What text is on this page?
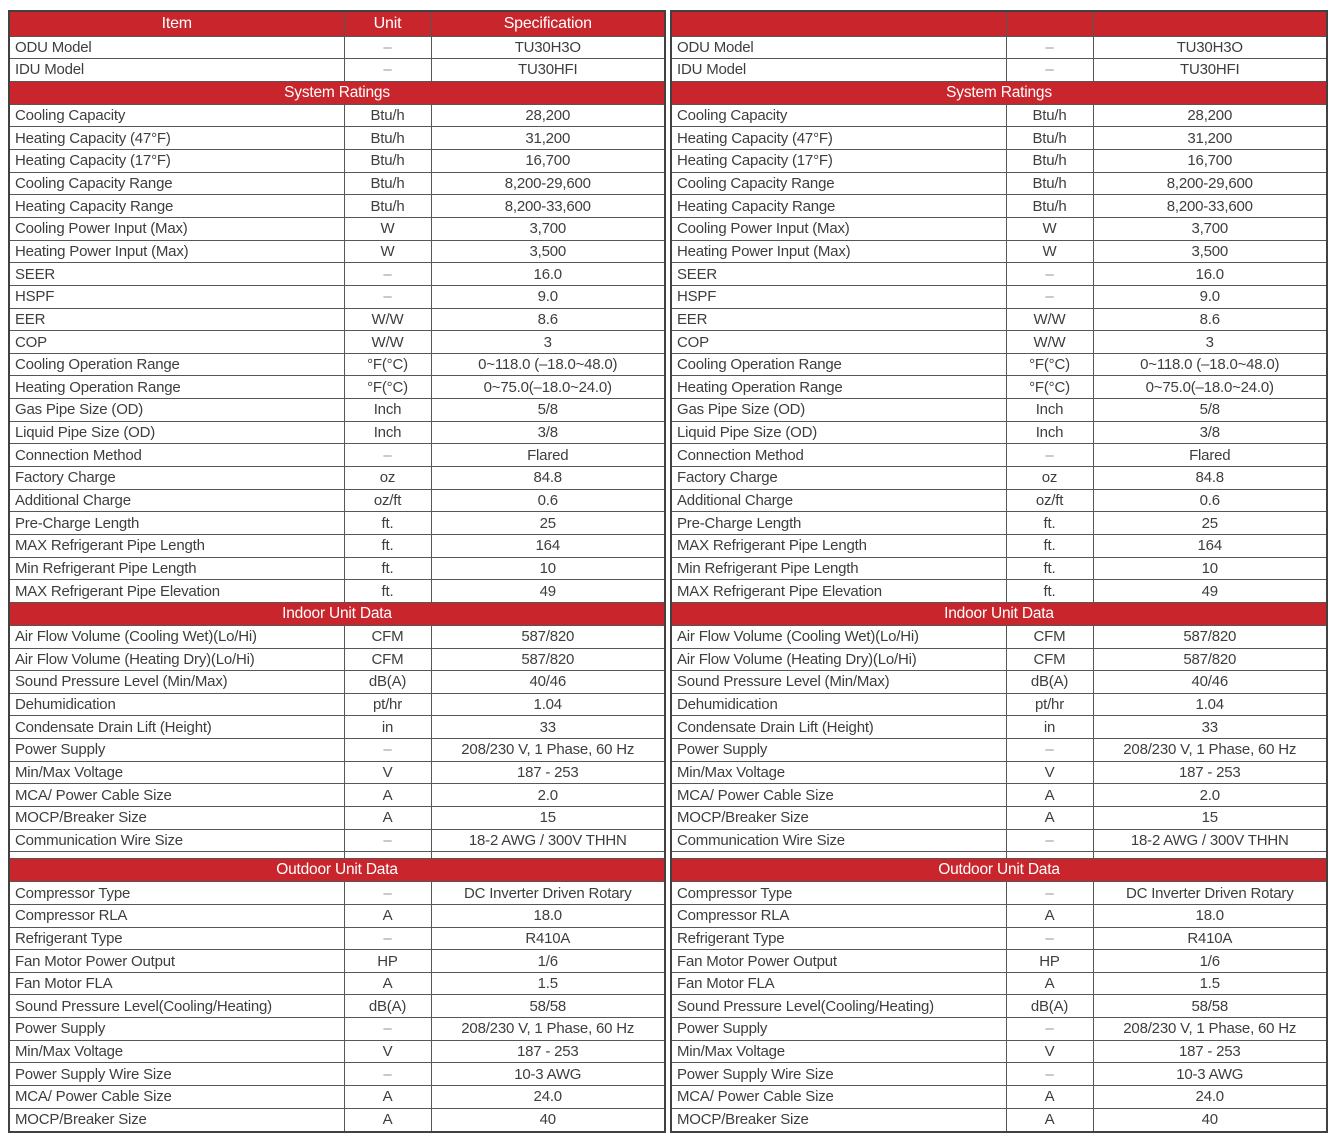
Item	Unit	Specification
ODU Model	–	TU30H3O
IDU Model	–	TU30HFI
System Ratings		
Cooling Capacity	Btu/h	28,200
Heating Capacity (47°F)	Btu/h	31,200
Heating Capacity (17°F)	Btu/h	16,700
Cooling Capacity Range	Btu/h	8,200-29,600
Heating Capacity Range	Btu/h	8,200-33,600
Cooling Power Input (Max)	W	3,700
Heating Power Input (Max)	W	3,500
SEER	–	16.0
HSPF	–	9.0
EER	W/W	8.6
COP	W/W	3
Cooling Operation Range	°F(°C)	0~118.0 (–18.0~48.0)
Heating Operation Range	°F(°C)	0~75.0(–18.0~24.0)
Gas Pipe Size (OD)	Inch	5/8
Liquid Pipe Size (OD)	Inch	3/8
Connection Method	–	Flared
Factory Charge	oz	84.8
Additional Charge	oz/ft	0.6
Pre-Charge Length	ft.	25
MAX Refrigerant Pipe Length	ft.	164
Min Refrigerant Pipe Length	ft.	10
MAX Refrigerant Pipe Elevation	ft.	49
Indoor Unit Data		
Air Flow Volume (Cooling Wet)(Lo/Hi)	CFM	587/820
Air Flow Volume (Heating Dry)(Lo/Hi)	CFM	587/820
Sound Pressure Level (Min/Max)	dB(A)	40/46
Dehumidication	pt/hr	1.04
Condensate Drain Lift (Height)	in	33
Power Supply	–	208/230 V, 1 Phase, 60 Hz
Min/Max Voltage	V	187 - 253
MCA/ Power Cable Size	A	2.0
MOCP/Breaker Size	A	15
Communication Wire Size	–	18-2 AWG / 300V THHN

Outdoor Unit Data		
Compressor Type	–	DC Inverter Driven Rotary
Compressor RLA	A	18.0
Refrigerant Type	–	R410A
Fan Motor Power Output	HP	1/6
Fan Motor FLA	A	1.5
Sound Pressure Level(Cooling/Heating)	dB(A)	58/58
Power Supply	–	208/230 V, 1 Phase, 60 Hz
Min/Max Voltage	V	187 - 253
Power Supply Wire Size	–	10-3 AWG
MCA/ Power Cable Size	A	24.0
MOCP/Breaker Size	A	40

ODU Model	–	TU30H3O
IDU Model	–	TU30HFI
System Ratings		
Cooling Capacity	Btu/h	28,200
Heating Capacity (47°F)	Btu/h	31,200
Heating Capacity (17°F)	Btu/h	16,700
Cooling Capacity Range	Btu/h	8,200-29,600
Heating Capacity Range	Btu/h	8,200-33,600
Cooling Power Input (Max)	W	3,700
Heating Power Input (Max)	W	3,500
SEER	–	16.0
HSPF	–	9.0
EER	W/W	8.6
COP	W/W	3
Cooling Operation Range	°F(°C)	0~118.0 (–18.0~48.0)
Heating Operation Range	°F(°C)	0~75.0(–18.0~24.0)
Gas Pipe Size (OD)	Inch	5/8
Liquid Pipe Size (OD)	Inch	3/8
Connection Method	–	Flared
Factory Charge	oz	84.8
Additional Charge	oz/ft	0.6
Pre-Charge Length	ft.	25
MAX Refrigerant Pipe Length	ft.	164
Min Refrigerant Pipe Length	ft.	10
MAX Refrigerant Pipe Elevation	ft.	49
Indoor Unit Data		
Air Flow Volume (Cooling Wet)(Lo/Hi)	CFM	587/820
Air Flow Volume (Heating Dry)(Lo/Hi)	CFM	587/820
Sound Pressure Level (Min/Max)	dB(A)	40/46
Dehumidication	pt/hr	1.04
Condensate Drain Lift (Height)	in	33
Power Supply	–	208/230 V, 1 Phase, 60 Hz
Min/Max Voltage	V	187 - 253
MCA/ Power Cable Size	A	2.0
MOCP/Breaker Size	A	15
Communication Wire Size	–	18-2 AWG / 300V THHN

Outdoor Unit Data		
Compressor Type	–	DC Inverter Driven Rotary
Compressor RLA	A	18.0
Refrigerant Type	–	R410A
Fan Motor Power Output	HP	1/6
Fan Motor FLA	A	1.5
Sound Pressure Level(Cooling/Heating)	dB(A)	58/58
Power Supply	–	208/230 V, 1 Phase, 60 Hz
Min/Max Voltage	V	187 - 253
Power Supply Wire Size	–	10-3 AWG
MCA/ Power Cable Size	A	24.0
MOCP/Breaker Size	A	40
